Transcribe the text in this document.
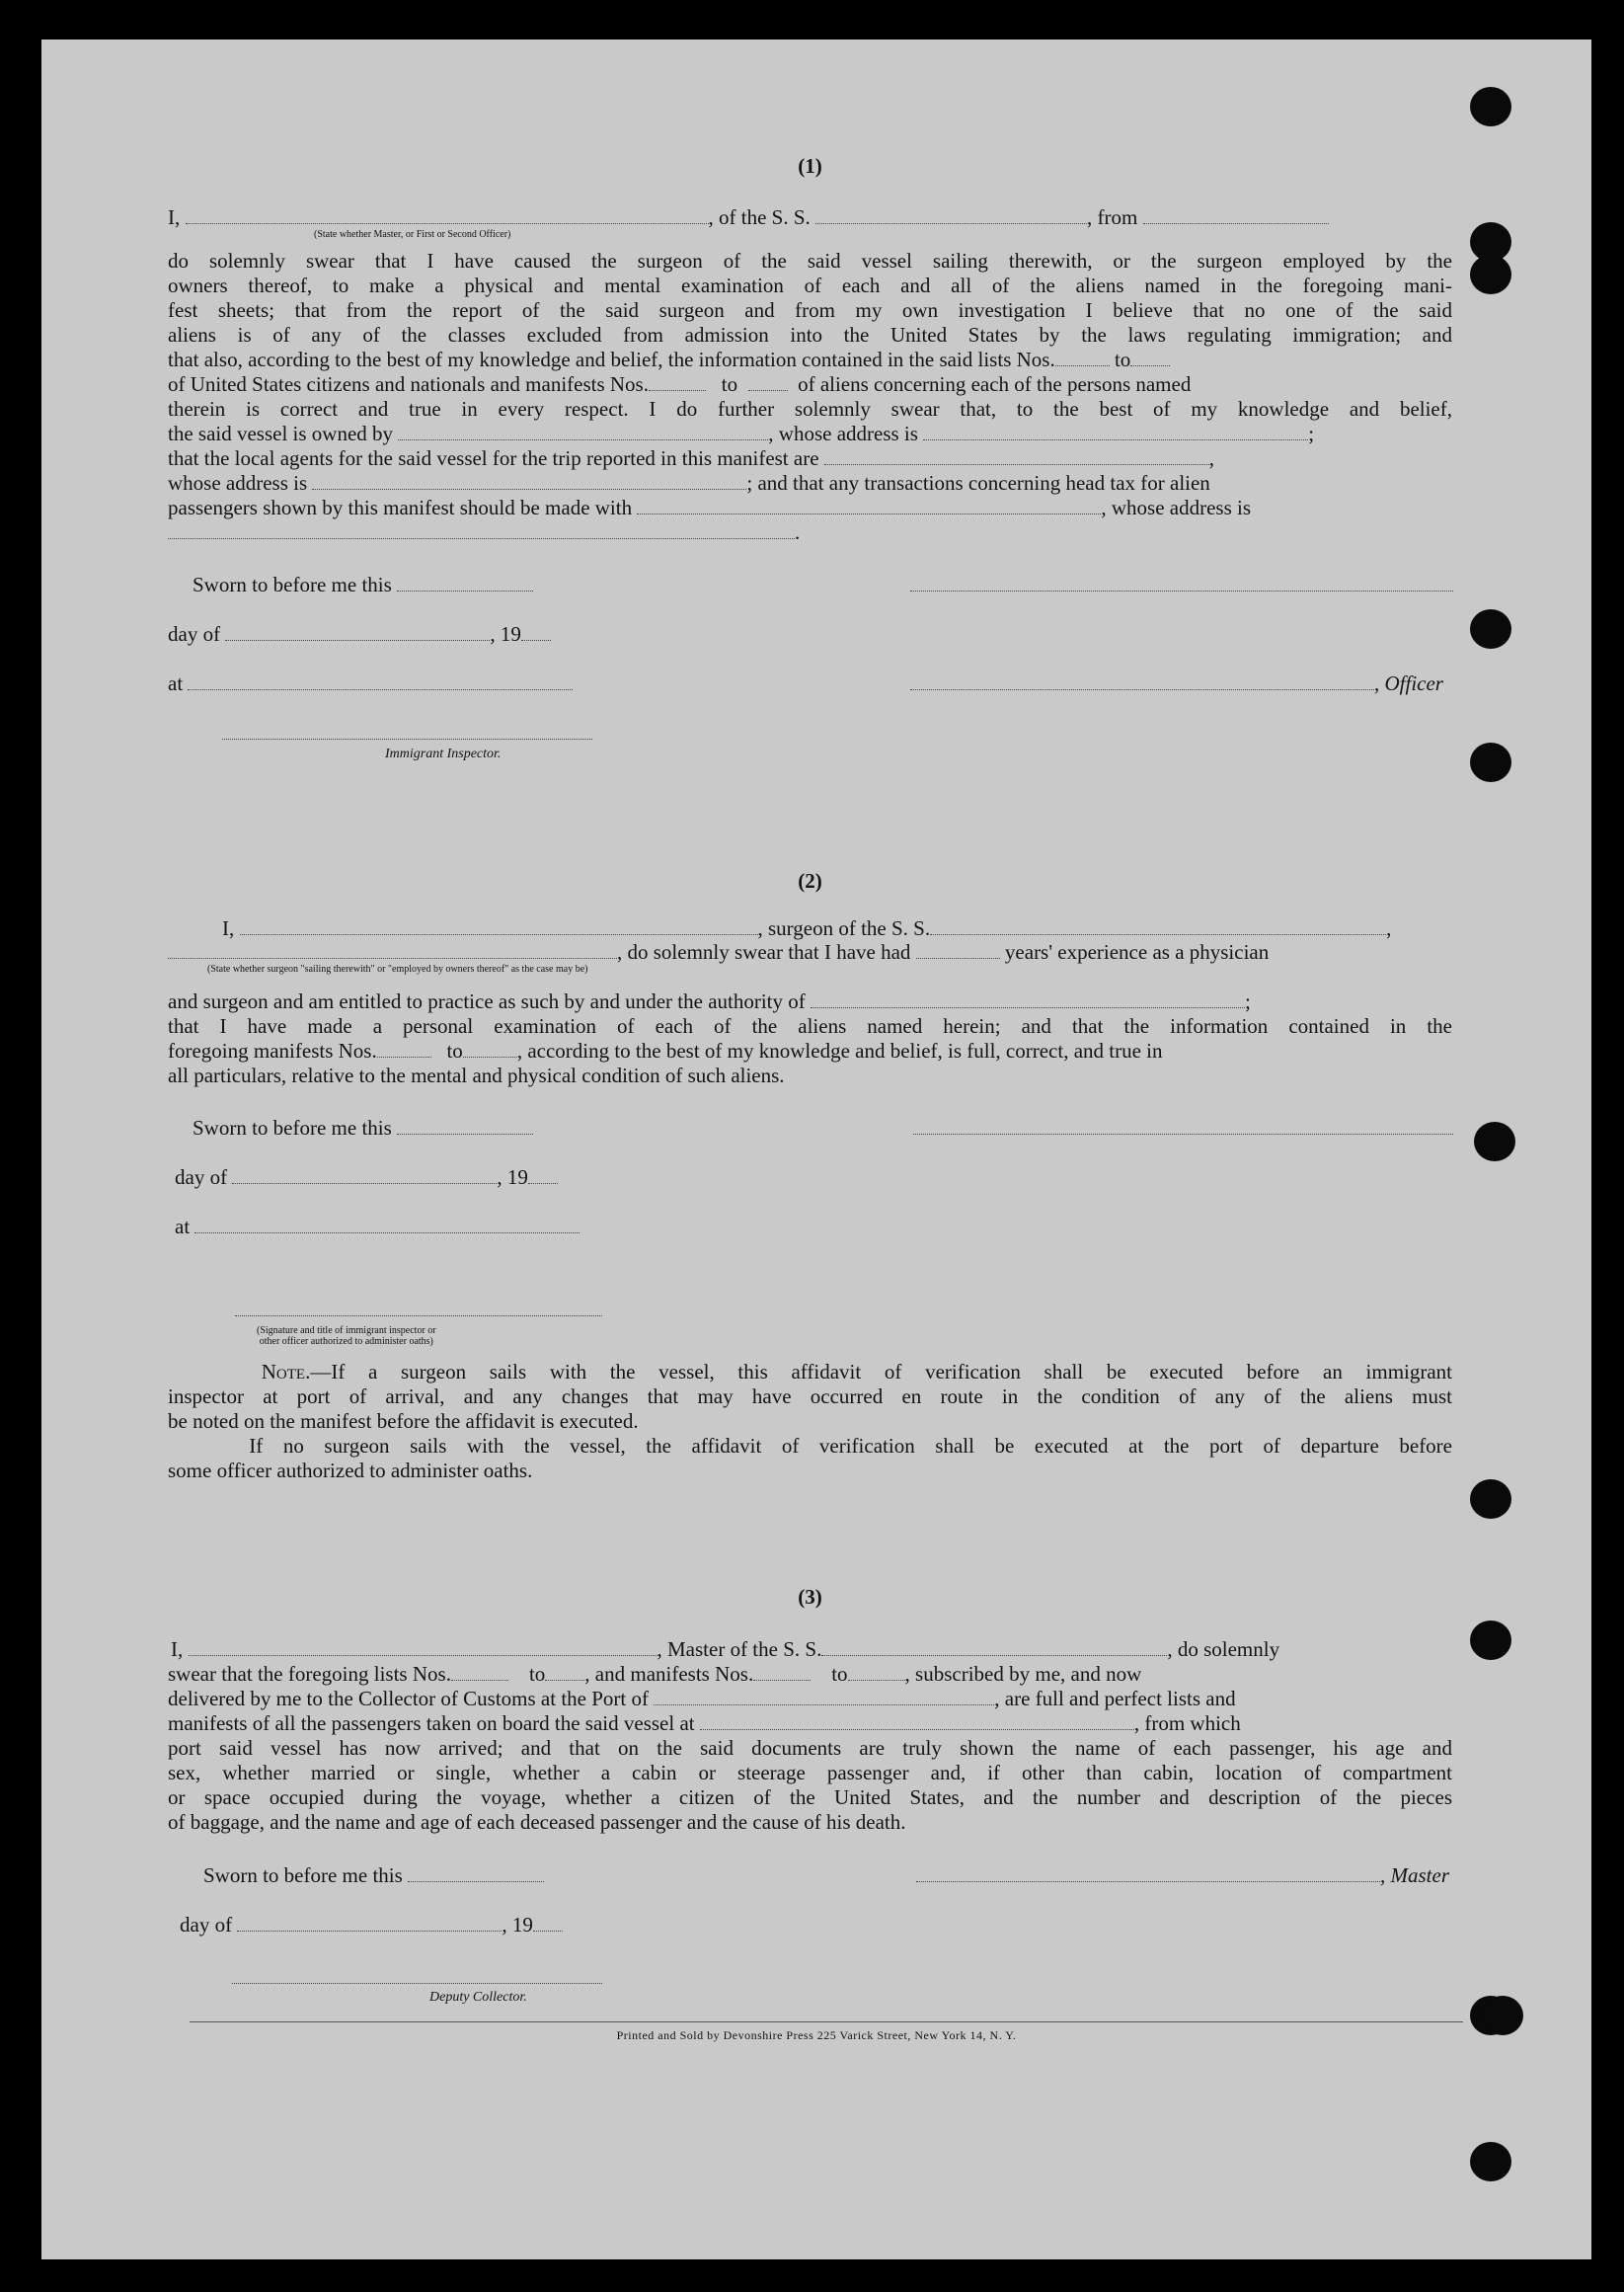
(1)
I,	, of the S. S.	, from
(State whether Master, or First or Second Officer)
do solemnly swear that I have caused the surgeon of the said vessel sailing therewith, or the surgeon employed by the
owners thereof, to make a physical and mental examination of each and all of the aliens named in the foregoing mani-
fest sheets; that from the report of the said surgeon and from my own investigation I believe that no one of the said
aliens is of any of the classes excluded from admission into the United States by the laws regulating immigration; and
that also, according to the best of my knowledge and belief, the information contained in the said lists Nos.	to
of United States citizens and nationals and manifests Nos.	to	of aliens concerning each of the persons named
therein is correct and true in every respect. I do further solemnly swear that, to the best of my knowledge and belief,
the said vessel is owned by	, whose address is	;
that the local agents for the said vessel for the trip reported in this manifest are	,
whose address is	; and that any transactions concerning head tax for alien
passengers shown by this manifest should be made with	, whose address is
.
Sworn to before me this
day of	, 19
at	, Officer
Immigrant Inspector.
(2)
I,	, surgeon of the S. S.	,
, do solemnly swear that I have had	years' experience as a physician
(State whether surgeon "sailing therewith" or "employed by owners thereof" as the case may be)
and surgeon and am entitled to practice as such by and under the authority of	;
that I have made a personal examination of each of the aliens named herein; and that the information contained in the
foregoing manifests Nos.	to	, according to the best of my knowledge and belief, is full, correct, and true in
all particulars, relative to the mental and physical condition of such aliens.
Sworn to before me this
day of	, 19
at
(Signature and title of immigrant inspector or
other officer authorized to administer oaths)
Note.—If a surgeon sails with the vessel, this affidavit of verification shall be executed before an immigrant
inspector at port of arrival, and any changes that may have occurred en route in the condition of any of the aliens must
be noted on the manifest before the affidavit is executed.
If no surgeon sails with the vessel, the affidavit of verification shall be executed at the port of departure before
some officer authorized to administer oaths.
(3)
I,	, Master of the S. S.	, do solemnly
swear that the foregoing lists Nos.	to , and manifests Nos.	to	, subscribed by me, and now
delivered by me to the Collector of Customs at the Port of	, are full and perfect lists and
manifests of all the passengers taken on board the said vessel at	, from which
port said vessel has now arrived; and that on the said documents are truly shown the name of each passenger, his age and
sex, whether married or single, whether a cabin or steerage passenger and, if other than cabin, location of compartment
or space occupied during the voyage, whether a citizen of the United States, and the number and description of the pieces
of baggage, and the name and age of each deceased passenger and the cause of his death.
Sworn to before me this	, Master
day of	, 19
Deputy Collector.
Printed and Sold by Devonshire Press 225 Varick Street, New York 14, N. Y.
